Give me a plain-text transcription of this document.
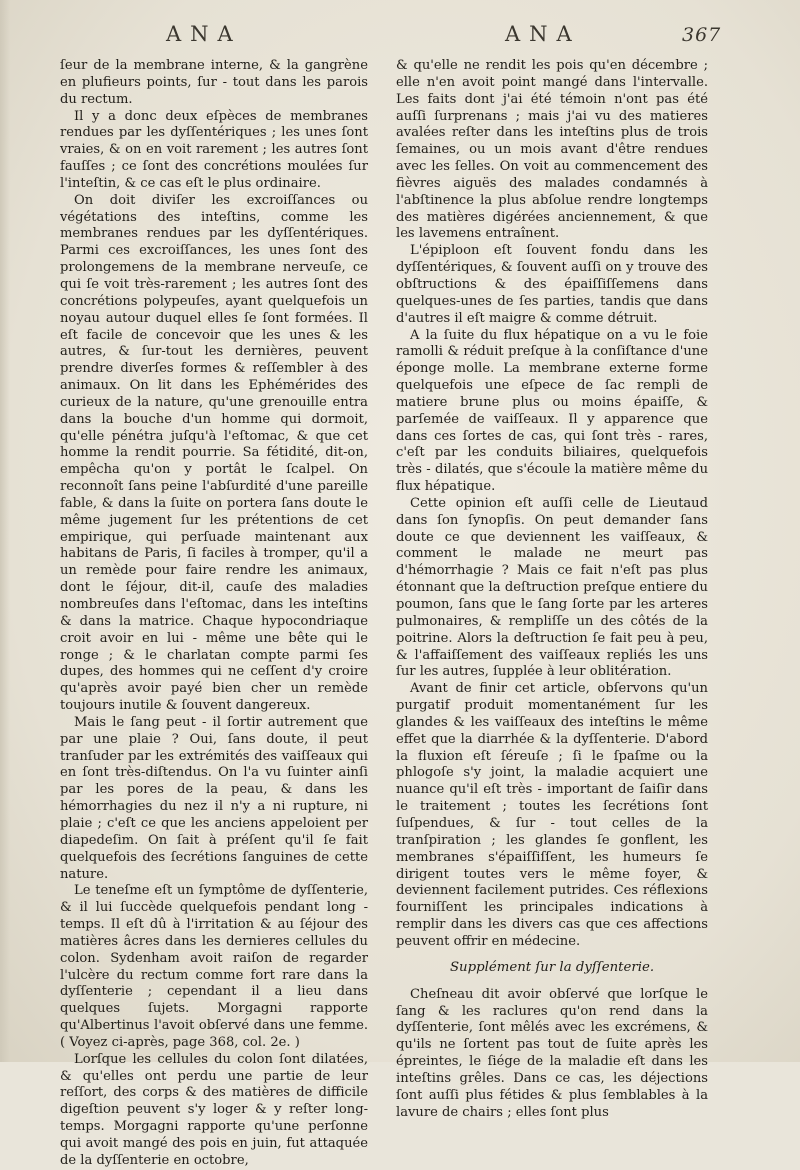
ANA	ANA	367

ſeur de la membrane interne, & la gangrène en plufieurs points, ſur - tout dans les parois du rectum.

Il y a donc deux eſpèces de membranes rendues par les dyſſentériques ; les unes ſont vraies, & on en voit rarement ; les autres ſont fauſſes ; ce ſont des concrétions moulées ſur l'inteſtin, & ce cas eſt le plus ordinaire.

On doit diviſer les excroiſſances ou végétations des inteſtins, comme les membranes rendues par les dyſſentériques. Parmi ces excroiſſances, les unes ſont des prolongemens de la membrane nerveuſe, ce qui ſe voit très-rarement ; les autres ſont des concrétions polypeuſes, ayant quelquefois un noyau autour duquel elles ſe ſont formées. Il eſt facile de concevoir que les unes & les autres, & ſur-tout les dernières, peuvent prendre diverſes formes & reſſembler à des animaux. On lit dans les Ephémérides des curieux de la nature, qu'une grenouille entra dans la bouche d'un homme qui dormoit, qu'elle pénétra juſqu'à l'eſtomac, & que cet homme la rendit pourrie. Sa fétidité, dit-on, empêcha qu'on y portât le ſcalpel. On reconnoît ſans peine l'abſurdité d'une pareille fable, & dans la ſuite on portera ſans doute le même jugement ſur les prétentions de cet empirique, qui perſuade maintenant aux habitans de Paris, ſi faciles à tromper, qu'il a un remède pour faire rendre les animaux, dont le ſéjour, dit-il, cauſe des maladies nombreuſes dans l'eſtomac, dans les inteſtins & dans la matrice. Chaque hypocondriaque croit avoir en lui - même une bête qui le ronge ; & le charlatan compte parmi ſes dupes, des hommes qui ne ceſſent d'y croire qu'après avoir payé bien cher un remède toujours inutile & ſouvent dangereux.

Mais le ſang peut - il ſortir autrement que par une plaie ? Oui, ſans doute, il peut tranſuder par les extrémités des vaiſſeaux qui en ſont très-diſtendus. On l'a vu ſuinter ainſi par les pores de la peau, & dans les hémorrhagies du nez il n'y a ni rupture, ni plaie ; c'eſt ce que les anciens appeloient per diapedeſim. On ſait à préſent qu'il ſe fait quelquefois des ſecrétions ſanguines de cette nature.

Le teneſme eſt un ſymptôme de dyſſenterie, & il lui ſuccède quelquefois pendant long - temps. Il eſt dû à l'irritation & au ſéjour des matières âcres dans les dernieres cellules du colon. Sydenham avoit raiſon de regarder l'ulcère du rectum comme fort rare dans la dyſſenterie ; cependant il a lieu dans quelques ſujets. Morgagni rapporte qu'Albertinus l'avoit obſervé dans une femme. ( Voyez ci-après, page 368, col. 2e. )

Lorſque les cellules du colon ſont dilatées, & qu'elles ont perdu une partie de leur reſſort, des corps & des matières de difficile digeſtion peuvent s'y loger & y reſter long-temps. Morgagni rapporte qu'une perſonne qui avoit mangé des pois en juin, fut attaquée de la dyſſenterie en octobre,

& qu'elle ne rendit les pois qu'en décembre ; elle n'en avoit point mangé dans l'intervalle. Les faits dont j'ai été témoin n'ont pas été auſſi ſurprenans ; mais j'ai vu des matieres avalées reſter dans les inteſtins plus de trois ſemaines, ou un mois avant d'être rendues avec les ſelles. On voit au commencement des fièvres aiguës des malades condamnés à l'abſtinence la plus abſolue rendre longtemps des matières digérées anciennement, & que les lavemens entraînent.

L'épiploon eſt ſouvent fondu dans les dyſſentériques, & ſouvent auſſi on y trouve des obſtructions & des épaiſſiſſemens dans quelques-unes de ſes parties, tandis que dans d'autres il eſt maigre & comme détruit.

A la ſuite du flux hépatique on a vu le foie ramolli & réduit preſque à la conſiſtance d'une éponge molle. La membrane externe forme quelquefois une eſpece de ſac rempli de matiere brune plus ou moins épaiſſe, & parſemée de vaiſſeaux. Il y apparence que dans ces ſortes de cas, qui ſont très - rares, c'eſt par les conduits biliaires, quelquefois très - dilatés, que s'écoule la matière même du flux hépatique.

Cette opinion eſt auſſi celle de Lieutaud dans ſon ſynopſis. On peut demander ſans doute ce que deviennent les vaiſſeaux, & comment le malade ne meurt pas d'hémorrhagie ? Mais ce fait n'eſt pas plus étonnant que la deſtruction preſque entiere du poumon, ſans que le ſang ſorte par les arteres pulmonaires, & rempliſſe un des côtés de la poitrine. Alors la deſtruction ſe fait peu à peu, & l'affaiſſement des vaiſſeaux repliés les uns ſur les autres, ſupplée à leur oblitération.

Avant de finir cet article, obſervons qu'un purgatif produit momentanément ſur les glandes & les vaiſſeaux des inteſtins le même effet que la diarrhée & la dyſſenterie. D'abord la fluxion eſt ſéreuſe ; ſi le ſpaſme ou la phlogoſe s'y joint, la maladie acquiert une nuance qu'il eſt très - important de ſaiſir dans le traitement ; toutes les ſecrétions ſont ſuſpendues, & ſur - tout celles de la tranſpiration ; les glandes ſe gonflent, les membranes s'épaiſſiſſent, les humeurs ſe dirigent toutes vers le même foyer, & deviennent facilement putrides. Ces réflexions fourniſſent les principales indications à remplir dans les divers cas que ces affections peuvent offrir en médecine.

Supplément ſur la dyſſenterie.

Cheſneau dit avoir obſervé que lorſque le ſang & les raclures qu'on rend dans la dyſſenterie, ſont mêlés avec les excrémens, & qu'ils ne ſortent pas tout de ſuite après les épreintes, le ſiége de la maladie eſt dans les inteſtins grêles. Dans ce cas, les déjections ſont auſſi plus fétides & plus ſemblables à la lavure de chairs ; elles ſont plus
